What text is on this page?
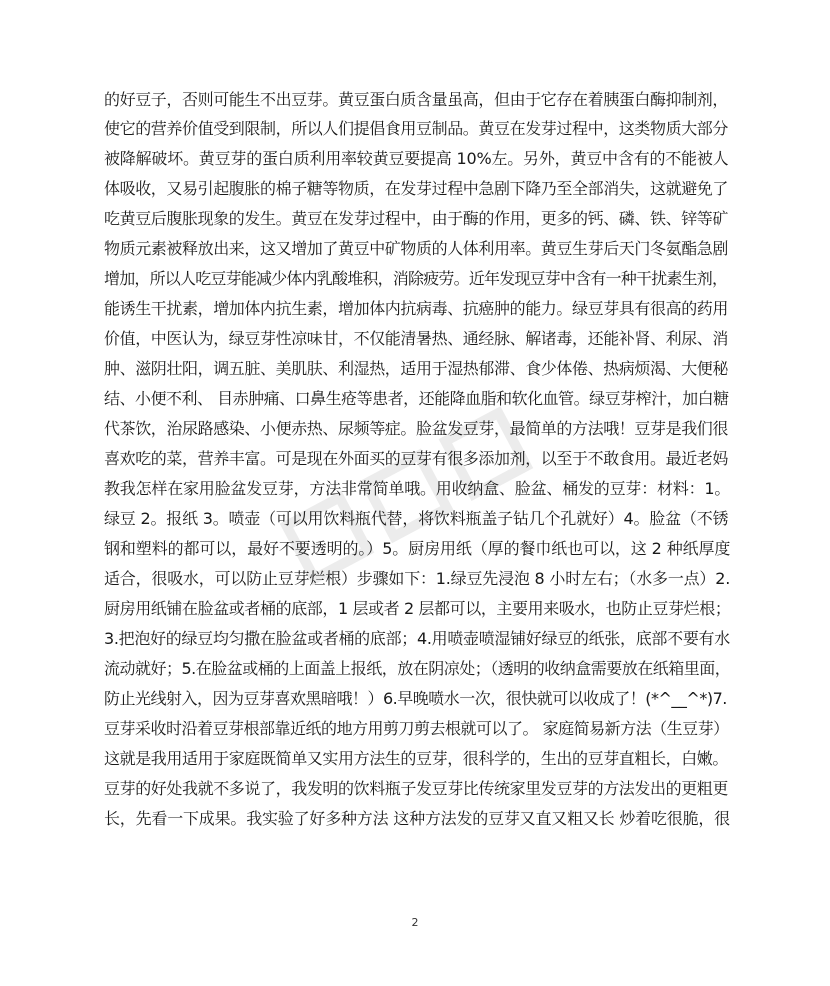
的好豆子，否则可能生不出豆芽。黄豆蛋白质含量虽高，但由于它存在着胰蛋白酶抑制剂，
使它的营养价值受到限制，所以人们提倡食用豆制品。黄豆在发芽过程中，这类物质大部分
被降解破坏。黄豆芽的蛋白质利用率较黄豆要提高 10%左。另外，黄豆中含有的不能被人
体吸收，又易引起腹胀的棉子糖等物质，在发芽过程中急剧下降乃至全部消失，这就避免了
吃黄豆后腹胀现象的发生。黄豆在发芽过程中，由于酶的作用，更多的钙、磷、铁、锌等矿
物质元素被释放出来，这又增加了黄豆中矿物质的人体利用率。黄豆生芽后天门冬氨酯急剧
增加，所以人吃豆芽能减少体内乳酸堆积，消除疲劳。近年发现豆芽中含有一种干扰素生剂，
能诱生干扰素，增加体内抗生素，增加体内抗病毒、抗癌肿的能力。绿豆芽具有很高的药用
价值，中医认为，绿豆芽性凉味甘，不仅能清暑热、通经脉、解诸毒，还能补肾、利尿、消
肿、滋阴壮阳，调五脏、美肌肤、利湿热，适用于湿热郁滞、食少体倦、热病烦渴、大便秘
结、小便不利、 目赤肿痛、口鼻生疮等患者，还能降血脂和软化血管。绿豆芽榨汁，加白糖
代茶饮，治尿路感染、小便赤热、尿频等症。脸盆发豆芽，最简单的方法哦！豆芽是我们很
喜欢吃的菜，营养丰富。可是现在外面买的豆芽有很多添加剂，以至于不敢食用。最近老妈
教我怎样在家用脸盆发豆芽，方法非常简单哦。用收纳盒、脸盆、桶发的豆芽：材料：1。
绿豆 2。报纸 3。喷壶（可以用饮料瓶代替，将饮料瓶盖子钻几个孔就好）4。脸盆（不锈
钢和塑料的都可以，最好不要透明的。）5。厨房用纸（厚的餐巾纸也可以，这 2 种纸厚度
适合，很吸水，可以防止豆芽烂根）步骤如下：1.绿豆先浸泡 8 小时左右；（水多一点）2.
厨房用纸铺在脸盆或者桶的底部，1 层或者 2 层都可以，主要用来吸水，也防止豆芽烂根；
3.把泡好的绿豆均匀撒在脸盆或者桶的底部；4.用喷壶喷湿铺好绿豆的纸张，底部不要有水
流动就好；5.在脸盆或桶的上面盖上报纸，放在阴凉处；（透明的收纳盒需要放在纸箱里面，
防止光线射入，因为豆芽喜欢黑暗哦！）6.早晚喷水一次，很快就可以收成了！(*^__^*)7.
豆芽采收时沿着豆芽根部靠近纸的地方用剪刀剪去根就可以了。 家庭简易新方法（生豆芽）
这就是我用适用于家庭既简单又实用方法生的豆芽，很科学的，生出的豆芽直粗长，白嫩。
豆芽的好处我就不多说了，我发明的饮料瓶子发豆芽比传统家里发豆芽的方法发出的更粗更
长，先看一下成果。我实验了好多种方法 这种方法发的豆芽又直又粗又长 炒着吃很脆，很
2
